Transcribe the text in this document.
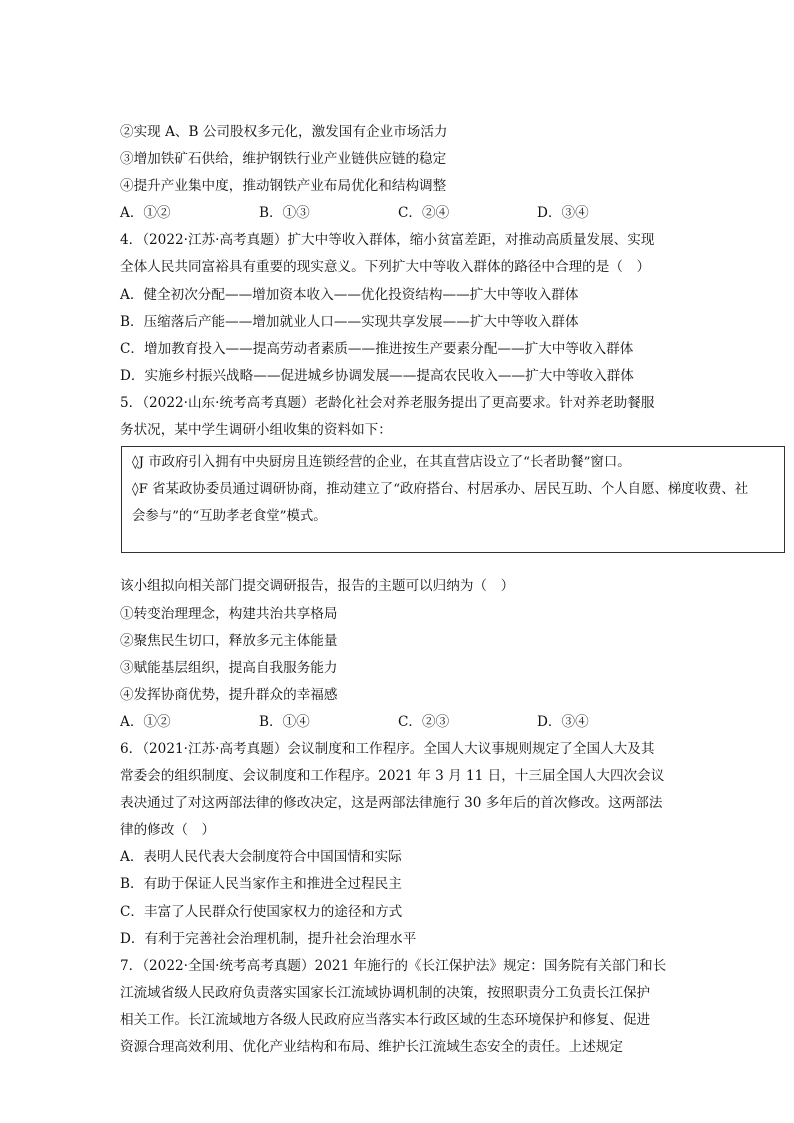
②实现 A、B 公司股权多元化，激发国有企业市场活力
③增加铁矿石供给，维护钢铁行业产业链供应链的稳定
④提升产业集中度，推动钢铁产业布局优化和结构调整
A．①②	B．①③	C．②④	D．③④
4．（2022·江苏·高考真题）扩大中等收入群体，缩小贫富差距，对推动高质量发展、实现
全体人民共同富裕具有重要的现实意义。下列扩大中等收入群体的路径中合理的是（　）
A．健全初次分配——增加资本收入——优化投资结构——扩大中等收入群体
B．压缩落后产能——增加就业人口——实现共享发展——扩大中等收入群体
C．增加教育投入——提高劳动者素质——推进按生产要素分配——扩大中等收入群体
D．实施乡村振兴战略——促进城乡协调发展——提高农民收入——扩大中等收入群体
5．（2022·山东·统考高考真题）老龄化社会对养老服务提出了更高要求。针对养老助餐服
务状况，某中学生调研小组收集的资料如下：
◊J 市政府引入拥有中央厨房且连锁经营的企业，在其直营店设立了“长者助餐”窗口。
◊F 省某政协委员通过调研协商，推动建立了“政府搭台、村居承办、居民互助、个人自愿、梯度收费、社
会参与”的“互助孝老食堂”模式。
该小组拟向相关部门提交调研报告，报告的主题可以归纳为（　）
①转变治理理念，构建共治共享格局
②聚焦民生切口，释放多元主体能量
③赋能基层组织，提高自我服务能力
④发挥协商优势，提升群众的幸福感
A．①②	B．①④	C．②③	D．③④
6．（2021·江苏·高考真题）会议制度和工作程序。全国人大议事规则规定了全国人大及其
常委会的组织制度、会议制度和工作程序。2021 年 3 月 11 日，十三届全国人大四次会议
表决通过了对这两部法律的修改决定，这是两部法律施行 30 多年后的首次修改。这两部法
律的修改（　）
A．表明人民代表大会制度符合中国国情和实际
B．有助于保证人民当家作主和推进全过程民主
C．丰富了人民群众行使国家权力的途径和方式
D．有利于完善社会治理机制，提升社会治理水平
7．（2022·全国·统考高考真题）2021 年施行的《长江保护法》规定：国务院有关部门和长
江流域省级人民政府负责落实国家长江流域协调机制的决策，按照职责分工负责长江保护
相关工作。长江流域地方各级人民政府应当落实本行政区域的生态环境保护和修复、促进
资源合理高效利用、优化产业结构和布局、维护长江流域生态安全的责任。上述规定
